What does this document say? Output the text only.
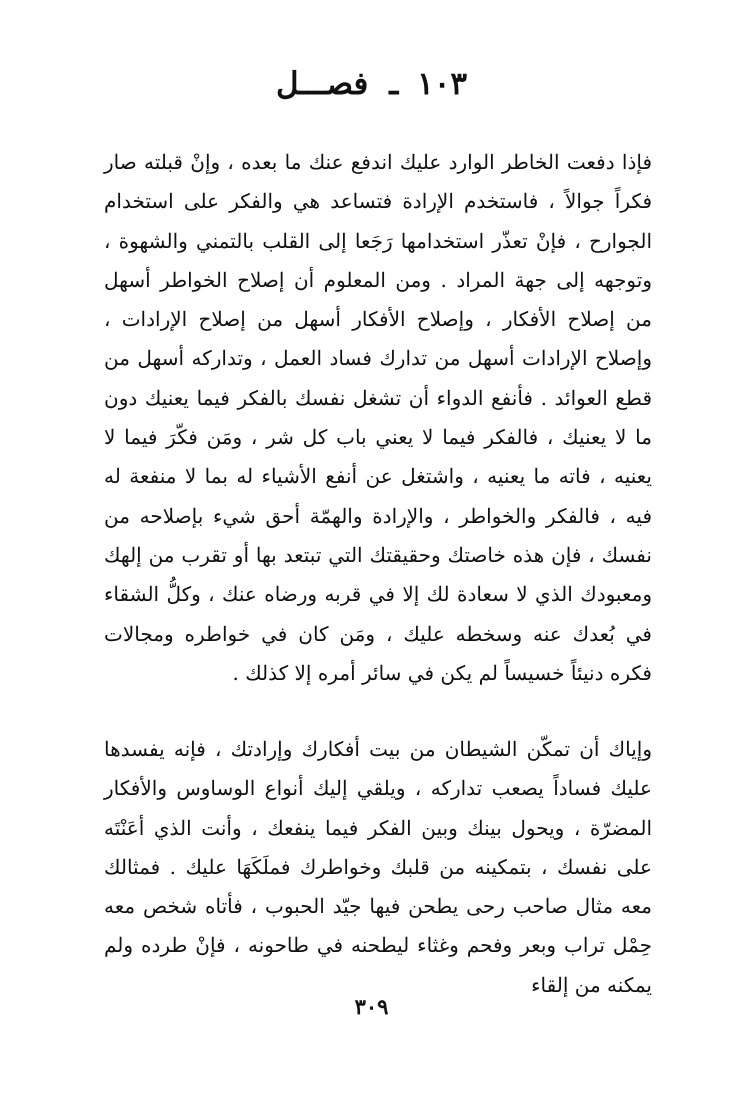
١٠٣ ـ فصـــل

فإذا دفعت الخاطر الوارد عليك اندفع عنك ما بعده ، وإنْ قبلته صار فكراً جوالاً ، فاستخدم الإرادة فتساعد هي والفكر على استخدام الجوارح ، فإنْ تعذّر استخدامها رَجَعا إلى القلب بالتمني والشهوة ، وتوجهه إلى جهة المراد . ومن المعلوم أن إصلاح الخواطر أسهل من إصلاح الأفكار ، وإصلاح الأفكار أسهل من إصلاح الإرادات ، وإصلاح الإرادات أسهل من تدارك فساد العمل ، وتداركه أسهل من قطع العوائد . فأنفع الدواء أن تشغل نفسك بالفكر فيما يعنيك دون ما لا يعنيك ، فالفكر فيما لا يعني باب كل شر ، ومَن فكّرَ فيما لا يعنيه ، فاته ما يعنيه ، واشتغل عن أنفع الأشياء له بما لا منفعة له فيه ، فالفكر والخواطر ، والإرادة والهمّة أحق شيء بإصلاحه من نفسك ، فإن هذه خاصتك وحقيقتك التي تبتعد بها أو تقرب من إلهك ومعبودك الذي لا سعادة لك إلا في قربه ورضاه عنك ، وكلُّ الشقاء في بُعدك عنه وسخطه عليك ، ومَن كان في خواطره ومجالات فكره دنيئاً خسيساً لم يكن في سائر أمره إلا كذلك .

وإياك أن تمكّن الشيطان من بيت أفكارك وإرادتك ، فإنه يفسدها عليك فساداً يصعب تداركه ، ويلقي إليك أنواع الوساوس والأفكار المضرّة ، ويحول بينك وبين الفكر فيما ينفعك ، وأنت الذي أعَنْتَه على نفسك ، بتمكينه من قلبك وخواطرك فملَكَهَا عليك . فمثالك معه مثال صاحب رحى يطحن فيها جيّد الحبوب ، فأتاه شخص معه حِمْل تراب وبعر وفحم وغثاء ليطحنه في طاحونه ، فإنْ طرده ولم يمكنه من إلقاء

٣٠٩
